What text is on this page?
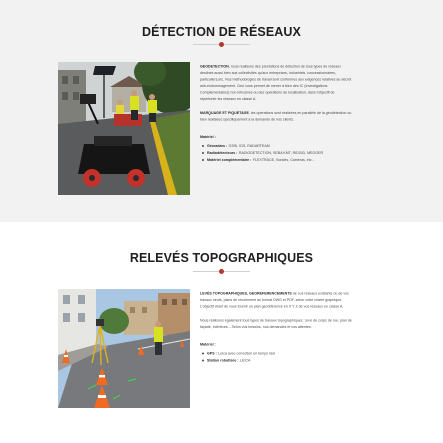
DÉTECTION DE RÉSEAUX

GEODETECTION, nous réalisons des prestations de détection de tous types de réseaux destinés aussi bien aux collectivités qu'aux entreprises, industriels, concessionnaires, particuliers,etc. Nos méthodologies de travail sont conformes aux exigences relatives au décret anti-endommagement. Ceci vous permet de mener à bien des IC (Investigations Complémentaires) non intrusives ou des opérations de localisation, dans l'objectif de répertorier les réseaux en classe A.

MARQUAGE ET PIQUETAGE, les opérations sont réalisées en parallèle de la géodétection ou bien réalisées spécifiquement à la demande de nos clients.

Matériel :
Géoradars : GSSI, IDS, RADARTEAM
Radiodétecteurs : RADIODETECTION, SEBA KMT, RIDGID, MEGGER
Matériel complémentaire : FLEXTRACE, Sondes, Caméras, etc...
RELEVÉS TOPOGRAPHIQUES

LEVÉS TOPOGRAPHIQUES, GEOREFERENCEMENTS de vos réseaux existants ou de vos travaux neufs, plans de récolement au format DWG et PDF, selon votre charte graphique. L'objectif étant de vous fournir un plan géoréférencé en X Y Z de vos réseaux en classe A.

Nous réalisons également tous types de travaux topographiques : levé de corps de rue, plan de façade, intérieurs... Selon vos besoins, nos demandes et vos attentes.

Matériel :
GPS : Leica avec correction en temps réel
Station robotisée : LEICA
